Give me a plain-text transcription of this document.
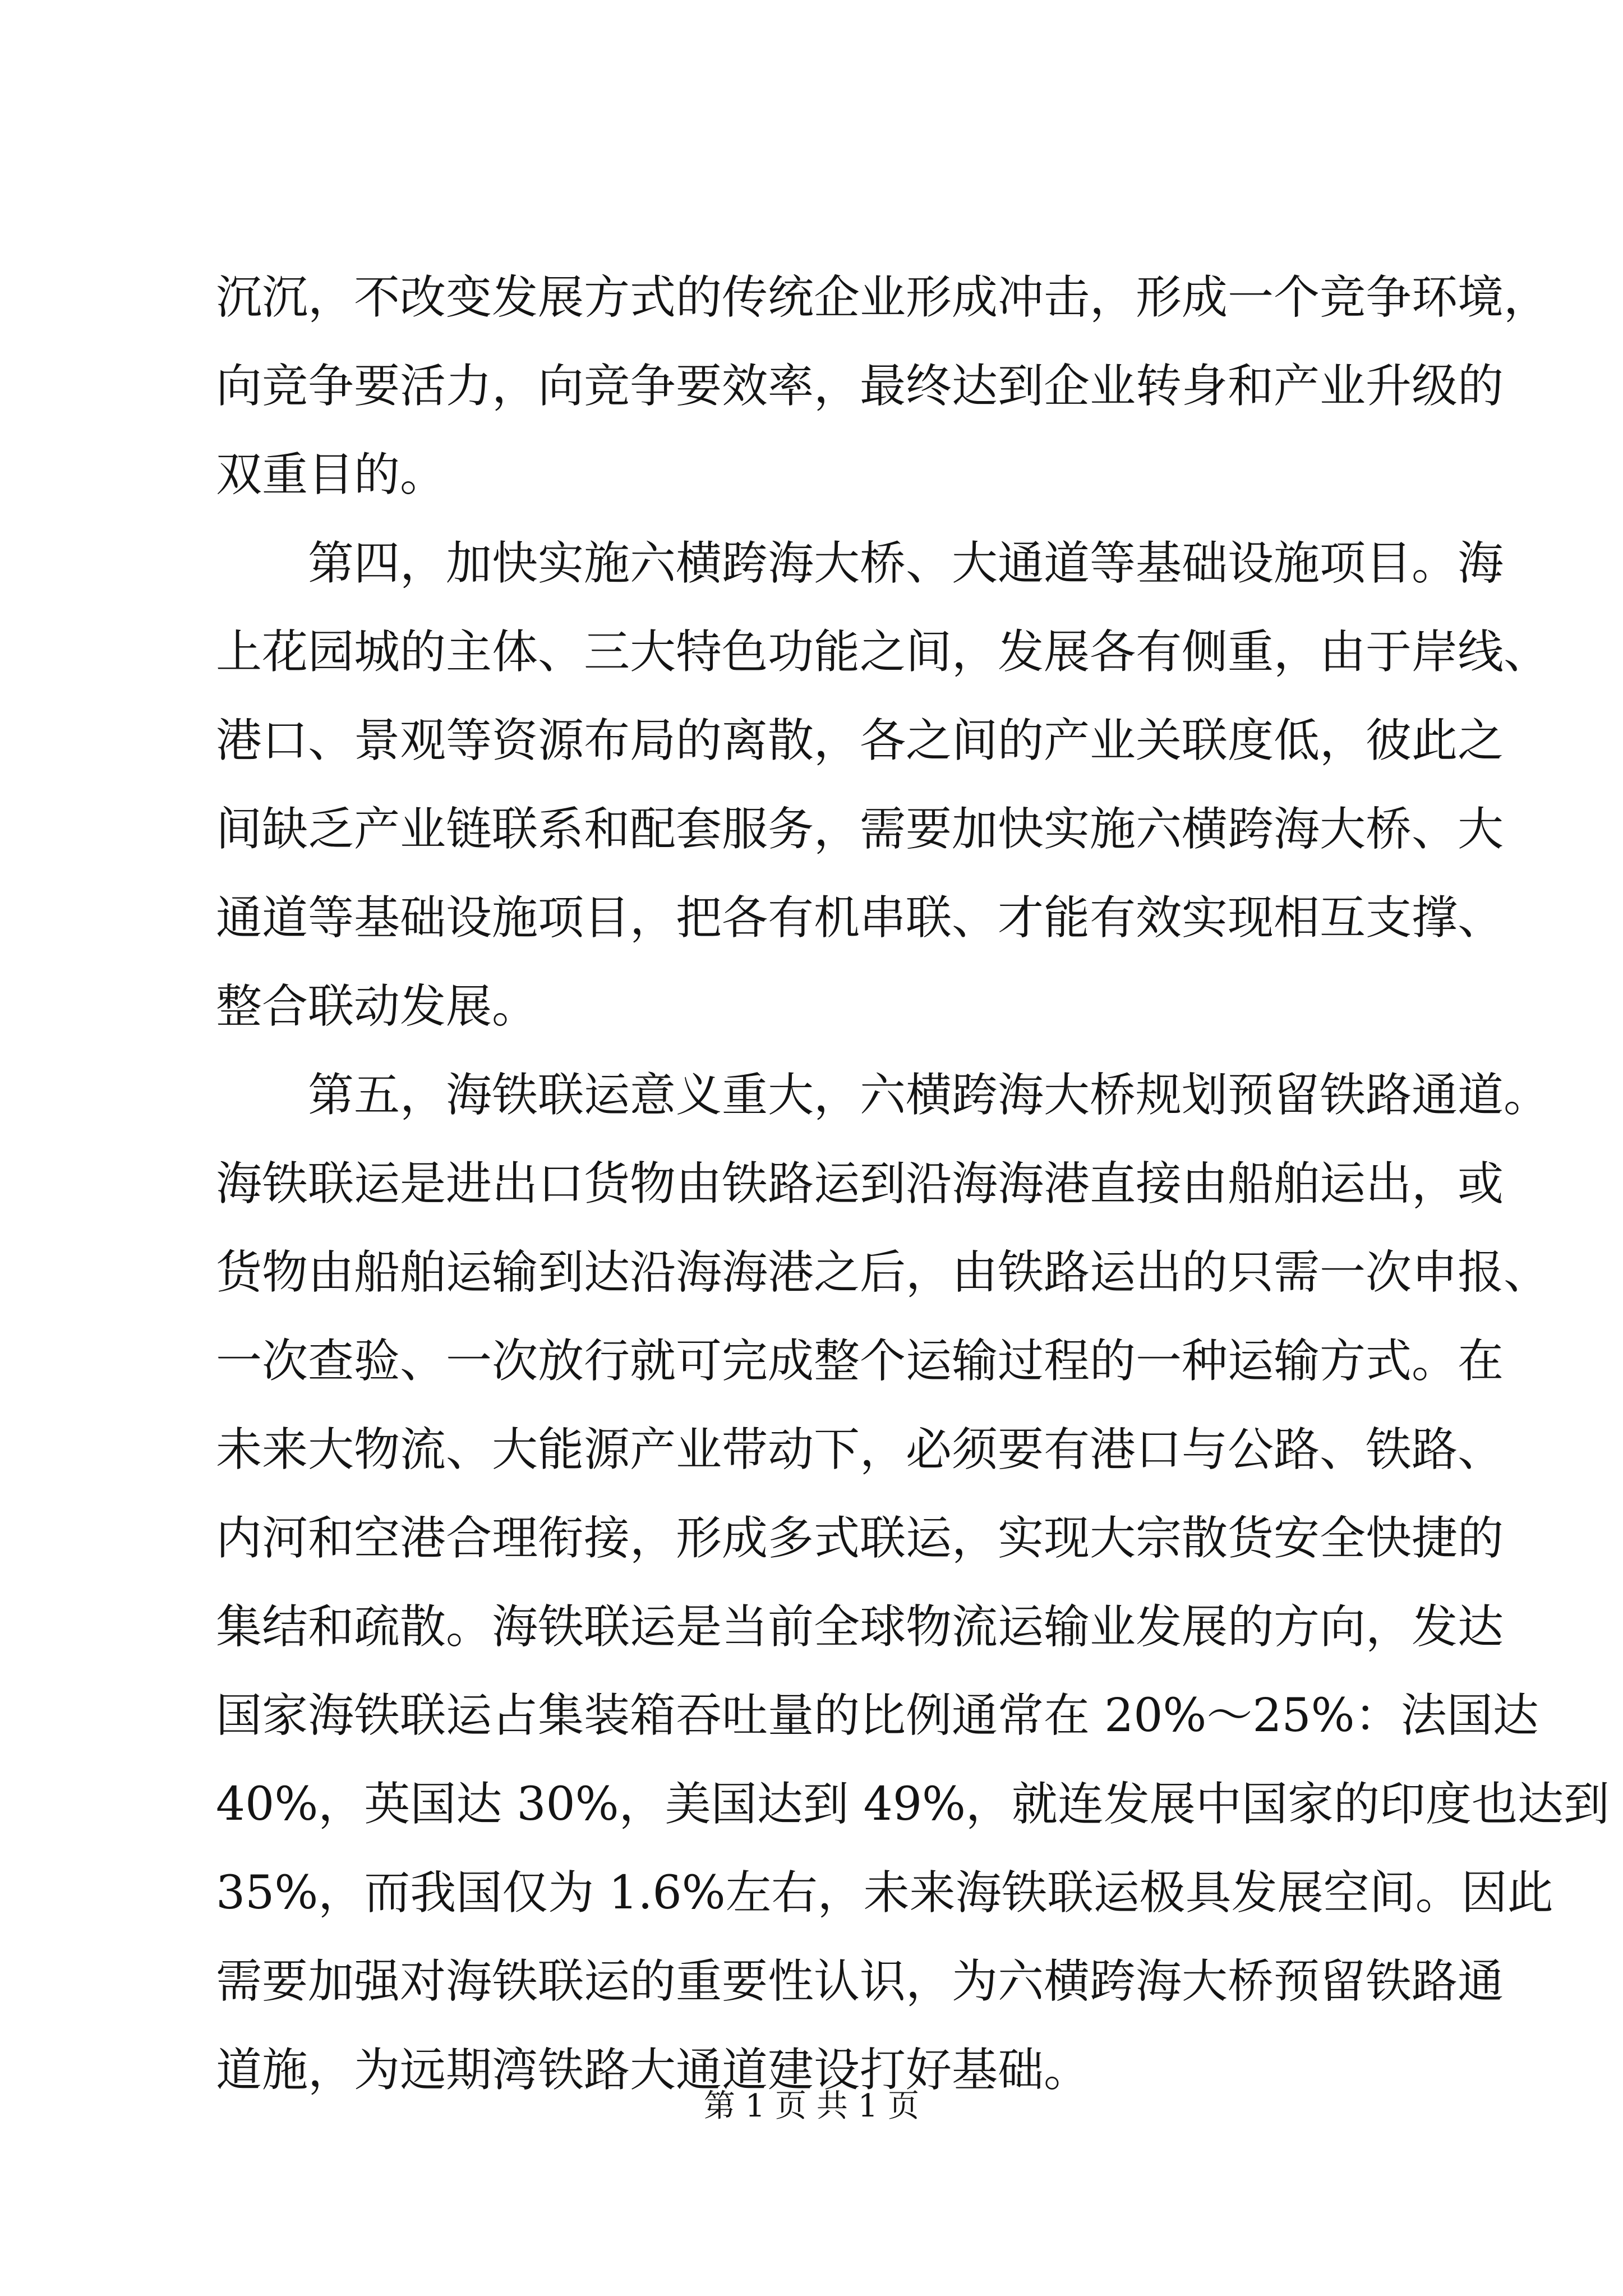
沉沉，不改变发展方式的传统企业形成冲击，形成一个竞争环境，
向竞争要活力，向竞争要效率，最终达到企业转身和产业升级的
双重目的。
第四，加快实施六横跨海大桥、大通道等基础设施项目。海
上花园城的主体、三大特色功能之间，发展各有侧重，由于岸线、
港口、景观等资源布局的离散，各之间的产业关联度低，彼此之
间缺乏产业链联系和配套服务，需要加快实施六横跨海大桥、大
通道等基础设施项目，把各有机串联、才能有效实现相互支撑、
整合联动发展。
第五，海铁联运意义重大，六横跨海大桥规划预留铁路通道。
海铁联运是进出口货物由铁路运到沿海海港直接由船舶运出，或
货物由船舶运输到达沿海海港之后，由铁路运出的只需一次申报、
一次查验、一次放行就可完成整个运输过程的一种运输方式。在
未来大物流、大能源产业带动下，必须要有港口与公路、铁路、
内河和空港合理衔接，形成多式联运，实现大宗散货安全快捷的
集结和疏散。海铁联运是当前全球物流运输业发展的方向，发达
国家海铁联运占集装箱吞吐量的比例通常在 20%～25%：法国达
40%，英国达 30%，美国达到 49%，就连发展中国家的印度也达到
35%，而我国仅为 1.6%左右，未来海铁联运极具发展空间。因此
需要加强对海铁联运的重要性认识，为六横跨海大桥预留铁路通
道施，为远期湾铁路大通道建设打好基础。
第 1 页 共 1 页
